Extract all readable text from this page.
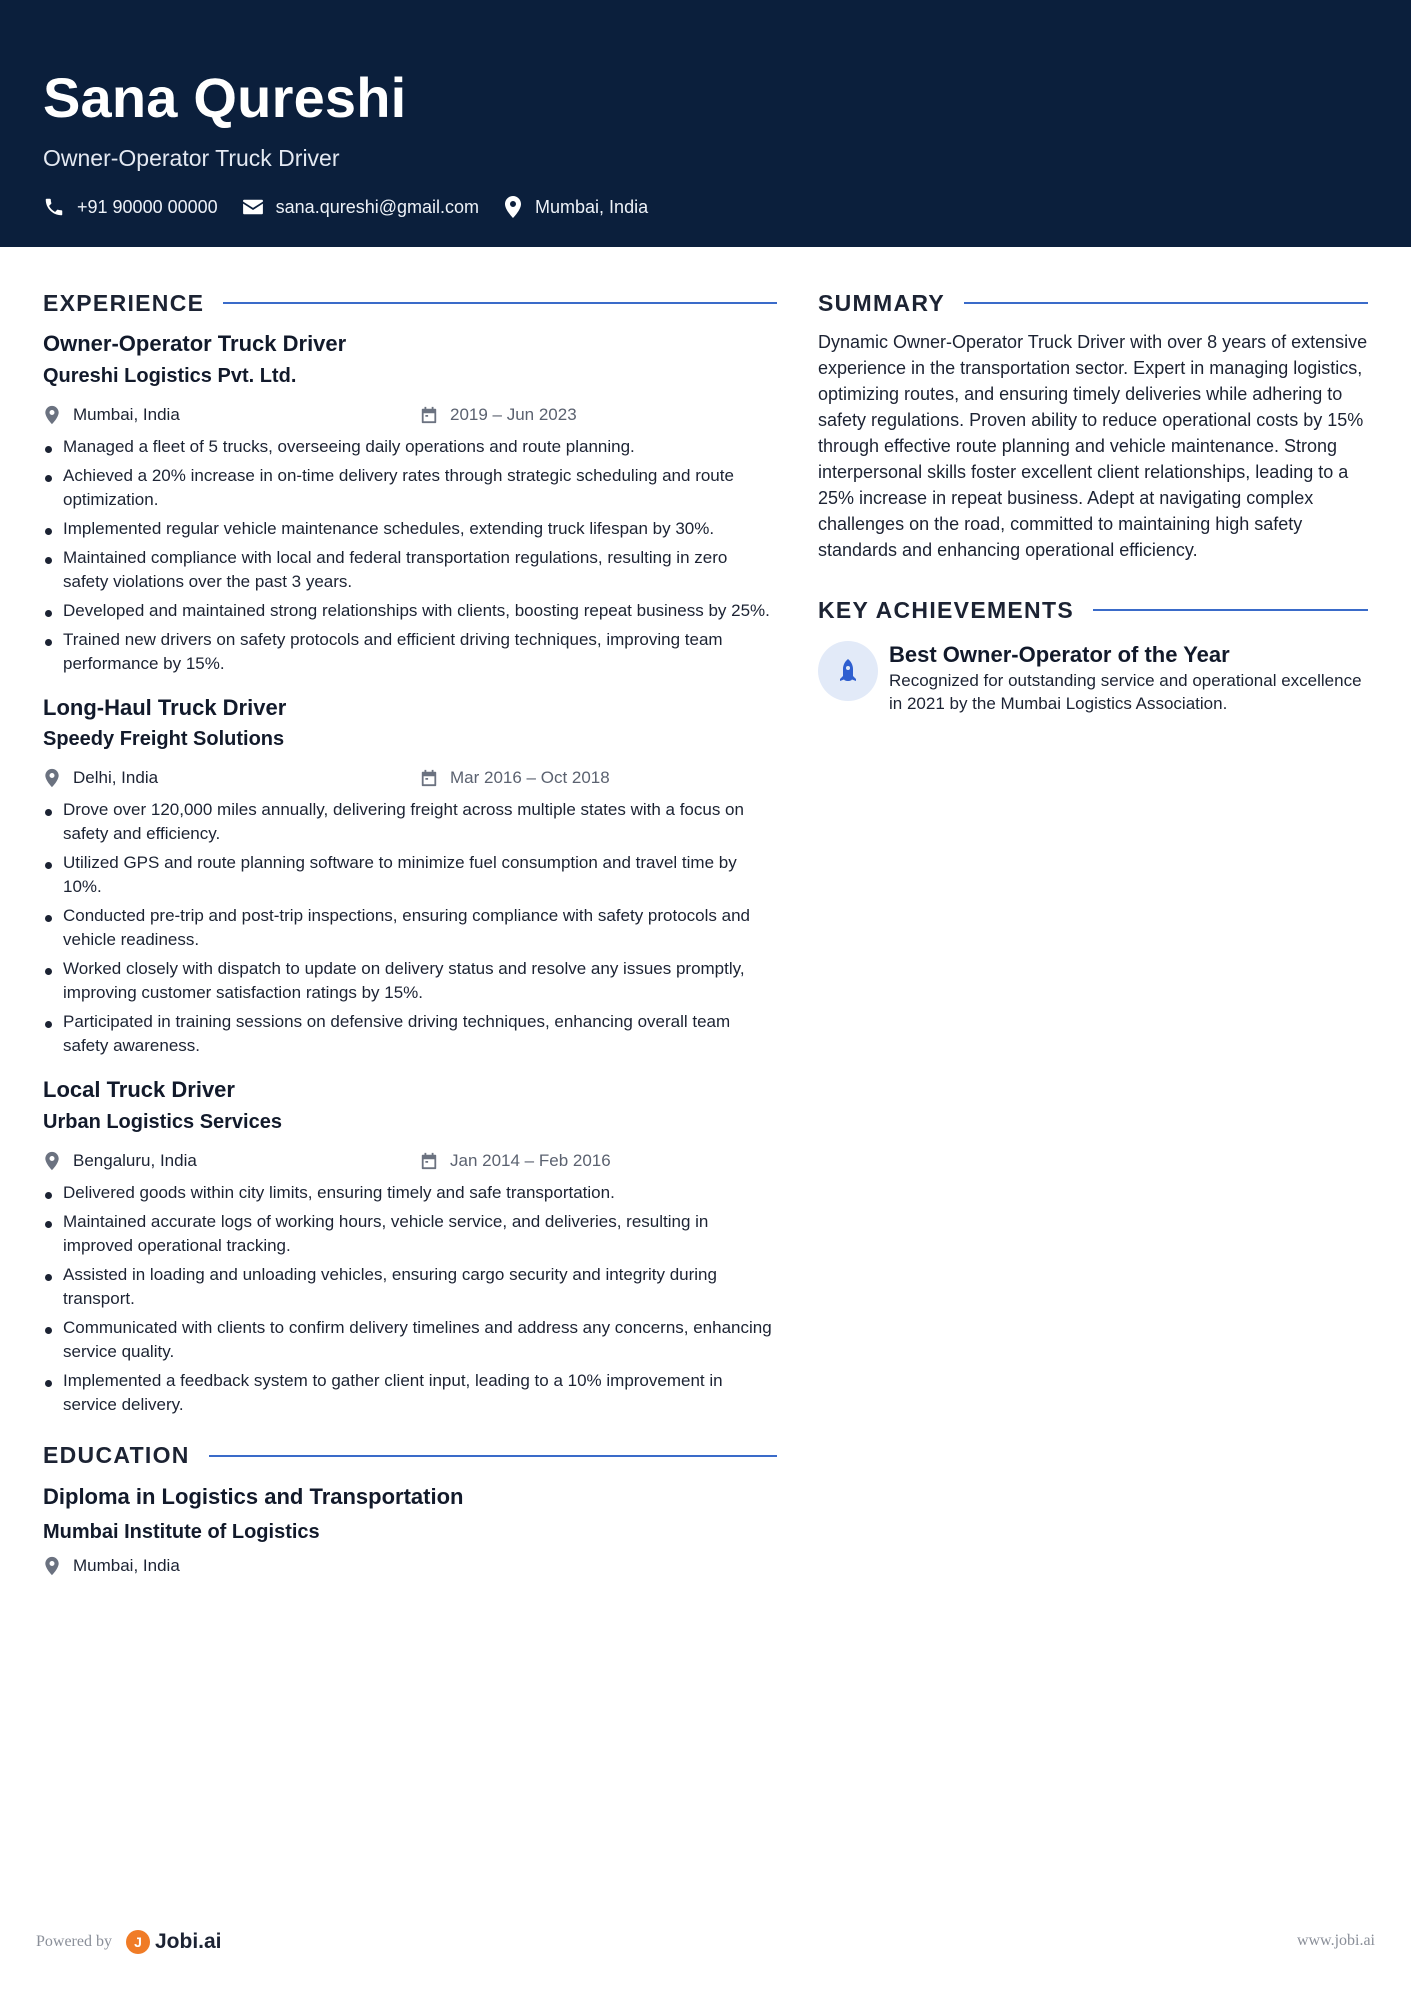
Sana Qureshi
Owner-Operator Truck Driver
+91 90000 00000	sana.qureshi@gmail.com	Mumbai, India
EXPERIENCE
Owner-Operator Truck Driver
Qureshi Logistics Pvt. Ltd.
Mumbai, India	2019 – Jun 2023
Managed a fleet of 5 trucks, overseeing daily operations and route planning.
Achieved a 20% increase in on-time delivery rates through strategic scheduling and route optimization.
Implemented regular vehicle maintenance schedules, extending truck lifespan by 30%.
Maintained compliance with local and federal transportation regulations, resulting in zero safety violations over the past 3 years.
Developed and maintained strong relationships with clients, boosting repeat business by 25%.
Trained new drivers on safety protocols and efficient driving techniques, improving team performance by 15%.
Long-Haul Truck Driver
Speedy Freight Solutions
Delhi, India	Mar 2016 – Oct 2018
Drove over 120,000 miles annually, delivering freight across multiple states with a focus on safety and efficiency.
Utilized GPS and route planning software to minimize fuel consumption and travel time by 10%.
Conducted pre-trip and post-trip inspections, ensuring compliance with safety protocols and vehicle readiness.
Worked closely with dispatch to update on delivery status and resolve any issues promptly, improving customer satisfaction ratings by 15%.
Participated in training sessions on defensive driving techniques, enhancing overall team safety awareness.
Local Truck Driver
Urban Logistics Services
Bengaluru, India	Jan 2014 – Feb 2016
Delivered goods within city limits, ensuring timely and safe transportation.
Maintained accurate logs of working hours, vehicle service, and deliveries, resulting in improved operational tracking.
Assisted in loading and unloading vehicles, ensuring cargo security and integrity during transport.
Communicated with clients to confirm delivery timelines and address any concerns, enhancing service quality.
Implemented a feedback system to gather client input, leading to a 10% improvement in service delivery.
EDUCATION
Diploma in Logistics and Transportation
Mumbai Institute of Logistics
Mumbai, India
SUMMARY

Dynamic Owner-Operator Truck Driver with over 8 years of extensive experience in the transportation sector. Expert in managing logistics, optimizing routes, and ensuring timely deliveries while adhering to safety regulations. Proven ability to reduce operational costs by 15% through effective route planning and vehicle maintenance. Strong interpersonal skills foster excellent client relationships, leading to a 25% increase in repeat business. Adept at navigating complex challenges on the road, committed to maintaining high safety standards and enhancing operational efficiency.

KEY ACHIEVEMENTS
Best Owner-Operator of the Year
Recognized for outstanding service and operational excellence in 2021 by the Mumbai Logistics Association.
Powered by	J Jobi.ai	www.jobi.ai
